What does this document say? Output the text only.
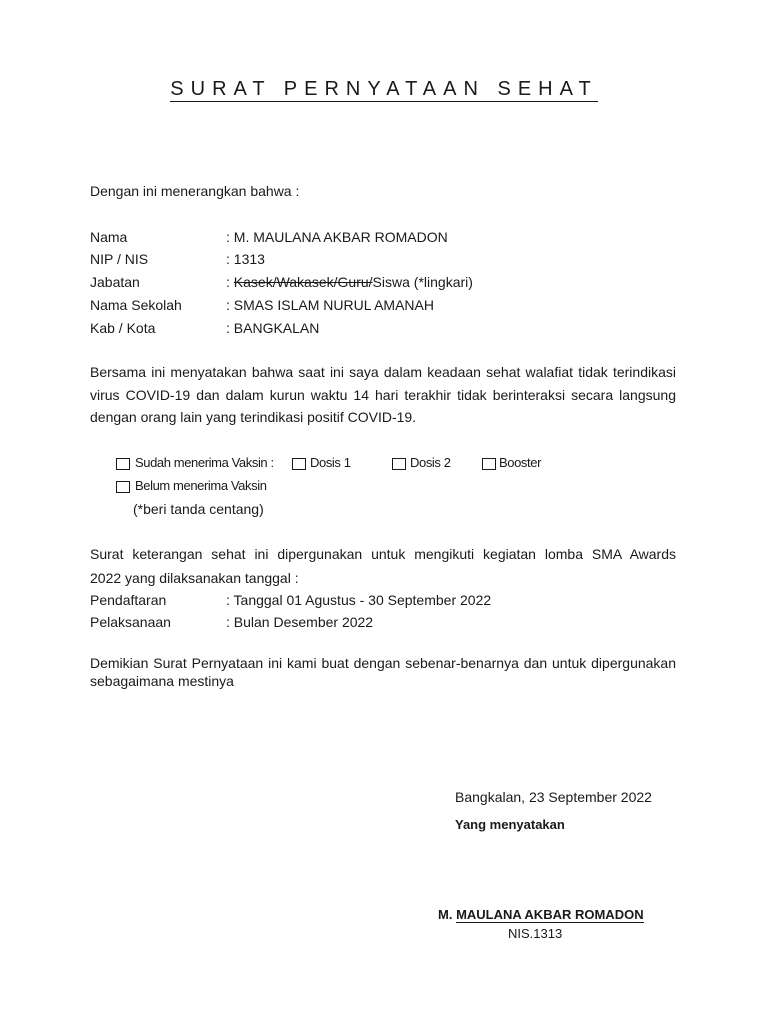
SURAT PERNYATAAN SEHAT
Dengan ini menerangkan bahwa :
Nama	: M. MAULANA AKBAR ROMADON
NIP / NIS	: 1313
Jabatan	: Kasek/Wakasek/Guru/Siswa (*lingkari)
Nama Sekolah	: SMAS ISLAM NURUL AMANAH
Kab / Kota	: BANGKALAN

Bersama ini menyatakan bahwa saat ini saya dalam keadaan sehat walafiat tidak terindikasi virus COVID-19 dan dalam kurun waktu 14 hari terakhir tidak berinteraksi secara langsung dengan orang lain yang terindikasi positif COVID-19.

Sudah menerima Vaksin :	Dosis 1	Dosis 2	Booster
Belum menerima Vaksin
(*beri tanda centang)

Surat keterangan sehat ini dipergunakan untuk mengikuti kegiatan lomba SMA Awards

2022 yang dilaksanakan tanggal :
Pendaftaran	: Tanggal 01 Agustus - 30 September 2022
Pelaksanaan	: Bulan Desember 2022

Demikian Surat Pernyataan ini kami buat dengan sebenar-benarnya dan untuk dipergunakan sebagaimana mestinya

Bangkalan, 23 September 2022
Yang menyatakan
M. MAULANA AKBAR ROMADON
NIS.1313
